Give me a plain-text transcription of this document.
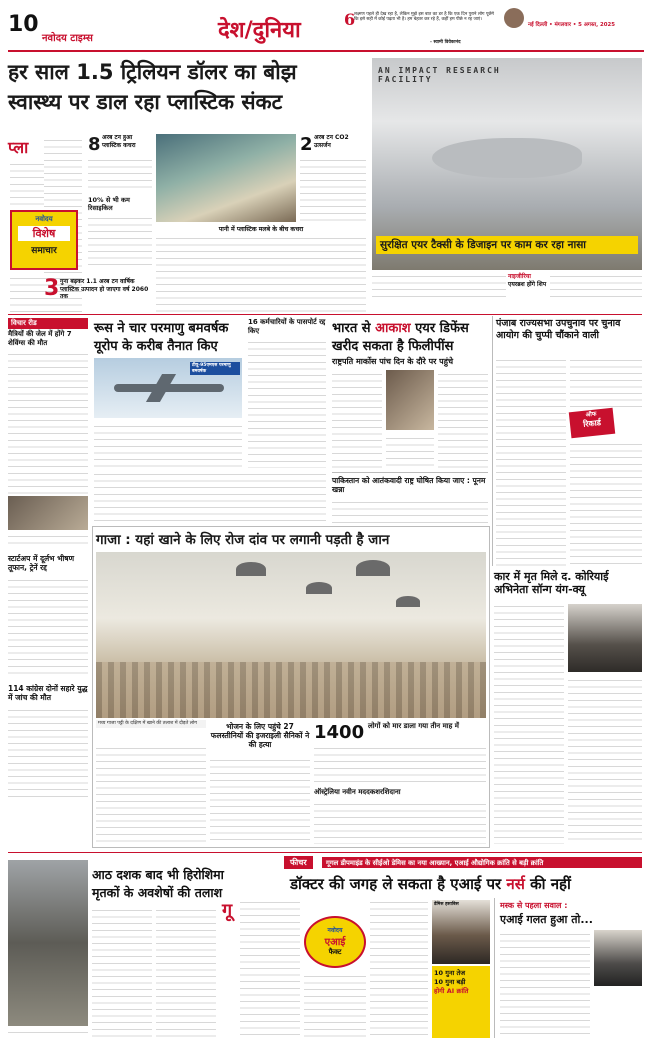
10
नवोदय टाइम्स	देश/दुनिया	6
लक्ष्मण पहले ही देख रहा है, लेकिन मुझे इस बात का डर है कि एक दिन पुराने लोग पूछेंगे कि इसे सही में कोई पढ़ता भी है। हम बेहतर कर रहे हैं, कहीं हम पीछे न रह जाएं।
- स्वामी विवेकानंद
नई दिल्ली • मंगलवार • 5 अगस्त, 2025
हर साल 1.5 ट्रिलियन डॉलर का बोझ
स्वास्थ्य पर डाल रहा प्लास्टिक संकट
प्ला
नवोदय
विशेष
समाचार
8 अरब टन हुआ प्लास्टिक कचरा
10% से भी कम रिसाइकिल
3 गुना बढ़कर 1.1 अरब टन वार्षिक प्लास्टिक उत्पादन हो जाएगा वर्ष 2060 तक
2 अरब टन CO2 उत्सर्जन
पानी में प्लास्टिक मलबे के बीच कचरा
AN IMPACT RESEARCH FACILITY
सुरक्षित एयर टैक्सी के डिजाइन पर काम कर रहा नासा
नाइजीरिया
एयरब्रश होंगे शिप
विचार रीड
मैत्रियों की जेल में होंगे 7 शेविंग्स की मौत
स्टार्टअप में दूर्लभ भीषण तूफान, ट्रेनें रद्द
114 कांग्रेस दोनों सहारे युद्ध में जांच की मौत
रूस ने चार परमाणु बमवर्षक
यूरोप के करीब तैनात किए
टीयू-95एमएस परमाणु बमवर्षक
16 कर्मचारियों के पासपोर्ट रद्द किए	भारत से आकाश एयर डिफेंस
खरीद सकता है फिलीपींस
राष्ट्रपति मार्कोस पांच दिन के दौरे पर पहुंचे
पंजाब राज्यसभा उपचुनाव पर चुनाव आयोग की चुप्पी चौंकाने वाली
ऑफ
रिकार्ड
गाजा : यहां खाने के लिए रोज दांव पर लगानी पड़ती है जान
मध्य गाजा पट्टी के दक्षिण में खाने की तलाश में दौड़ते लोग	भोजन के लिए पहुंचे 27 फलस्तीनियों की इजराइली सैनिकों ने की हत्या
1400 लोगों को मार डाला गया तीन माह में
ऑस्ट्रेलिया नवीन मददकशरशिदाना
पाकिस्तान को आतंकवादी राष्ट्र घोषित किया जाए : पूनम खन्ना
कार में मृत मिले द. कोरियाई अभिनेता सॉन्ग यंग-क्यू
आठ दशक बाद भी हिरोशिमा
मृतकों के अवशेषों की तलाश
फीचर	गूगल डीपमाइंड के सीईओ डेमिस का नया आख्यान, एआई औद्योगिक क्रांति से बड़ी क्रांति
डॉक्टर की जगह ले सकता है एआई पर नर्स की नहीं
गू
नवोदय
एआई
फैक्ट
डेमिस हसाबिस
10 गुना तेज
10 गुना बड़ी
होगी AI क्रांति
मस्क से पहला सवाल :
एआई गलत हुआ तो...
